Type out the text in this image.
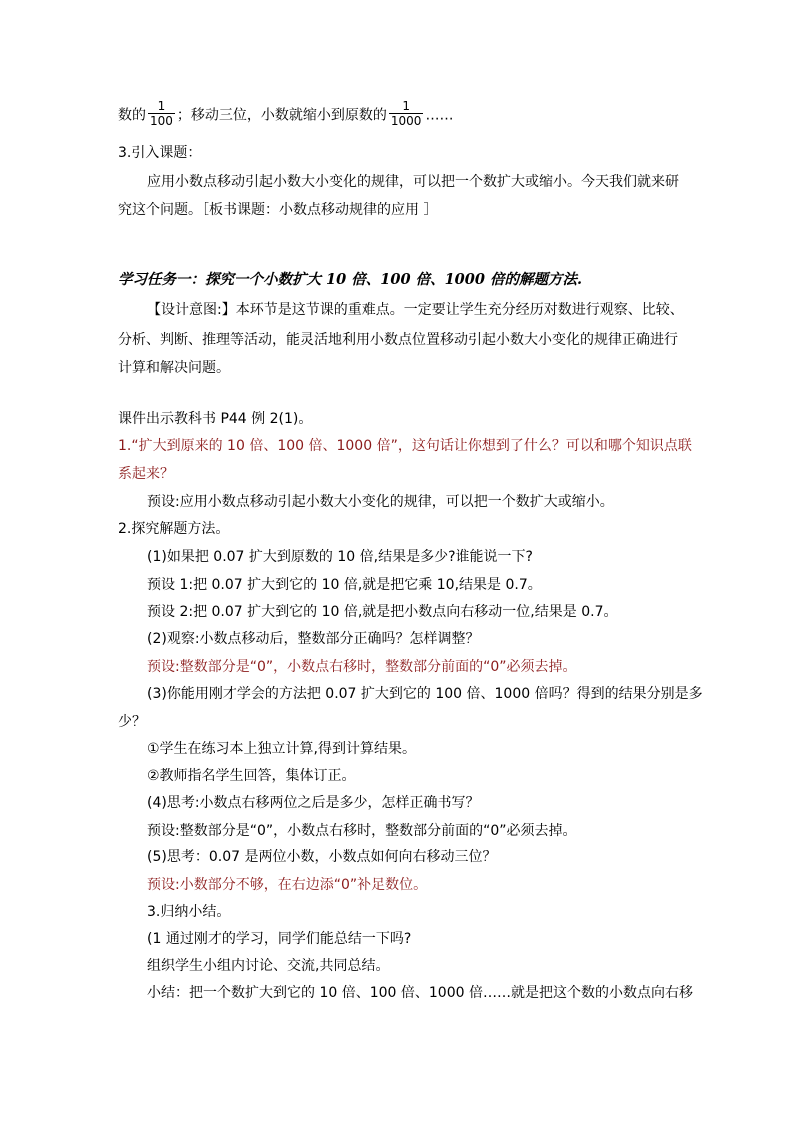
数的 $\frac{1}{100}$ ；移动三位，小数就缩小到原数的 $\frac{1}{1000}$ ……
3.引入课题：
应用小数点移动引起小数大小变化的规律，可以把一个数扩大或缩小。今天我们就来研
究这个问题。［板书课题：小数点移动规律的应用 ］
学习任务一：探究一个小数扩大 10 倍、100 倍、1000 倍的解题方法.
【设计意图:】本环节是这节课的重难点。一定要让学生充分经历对数进行观察、比较、
分析、判断、推理等活动，能灵活地利用小数点位置移动引起小数大小变化的规律正确进行
计算和解决问题。
课件出示教科书 P44 例 2(1)。
1.“扩大到原来的 10 倍、100 倍、1000 倍”，这句话让你想到了什么？可以和哪个知识点联
系起来？
预设:应用小数点移动引起小数大小变化的规律，可以把一个数扩大或缩小。
2.探究解题方法。
(1)如果把 0.07 扩大到原数的 10 倍,结果是多少?谁能说一下?
预设 1:把 0.07 扩大到它的 10 倍,就是把它乘 10,结果是 0.7。
预设 2:把 0.07 扩大到它的 10 倍,就是把小数点向右移动一位,结果是 0.7。
(2)观察:小数点移动后，整数部分正确吗？怎样调整？
预设:整数部分是“0”，小数点右移时，整数部分前面的“0”必须去掉。
(3)你能用刚才学会的方法把 0.07 扩大到它的 100 倍、1000 倍吗？得到的结果分别是多
少？
①学生在练习本上独立计算,得到计算结果。
②教师指名学生回答，集体订正。
(4)思考:小数点右移两位之后是多少，怎样正确书写？
预设:整数部分是“0”，小数点右移时，整数部分前面的“0”必须去掉。
(5)思考：0.07 是两位小数，小数点如何向右移动三位？
预设:小数部分不够，在右边添“0”补足数位。
3.归纳小结。
(1 通过刚才的学习，同学们能总结一下吗?
组织学生小组内讨论、交流,共同总结。
小结：把一个数扩大到它的 10 倍、100 倍、1000 倍……就是把这个数的小数点向右移
